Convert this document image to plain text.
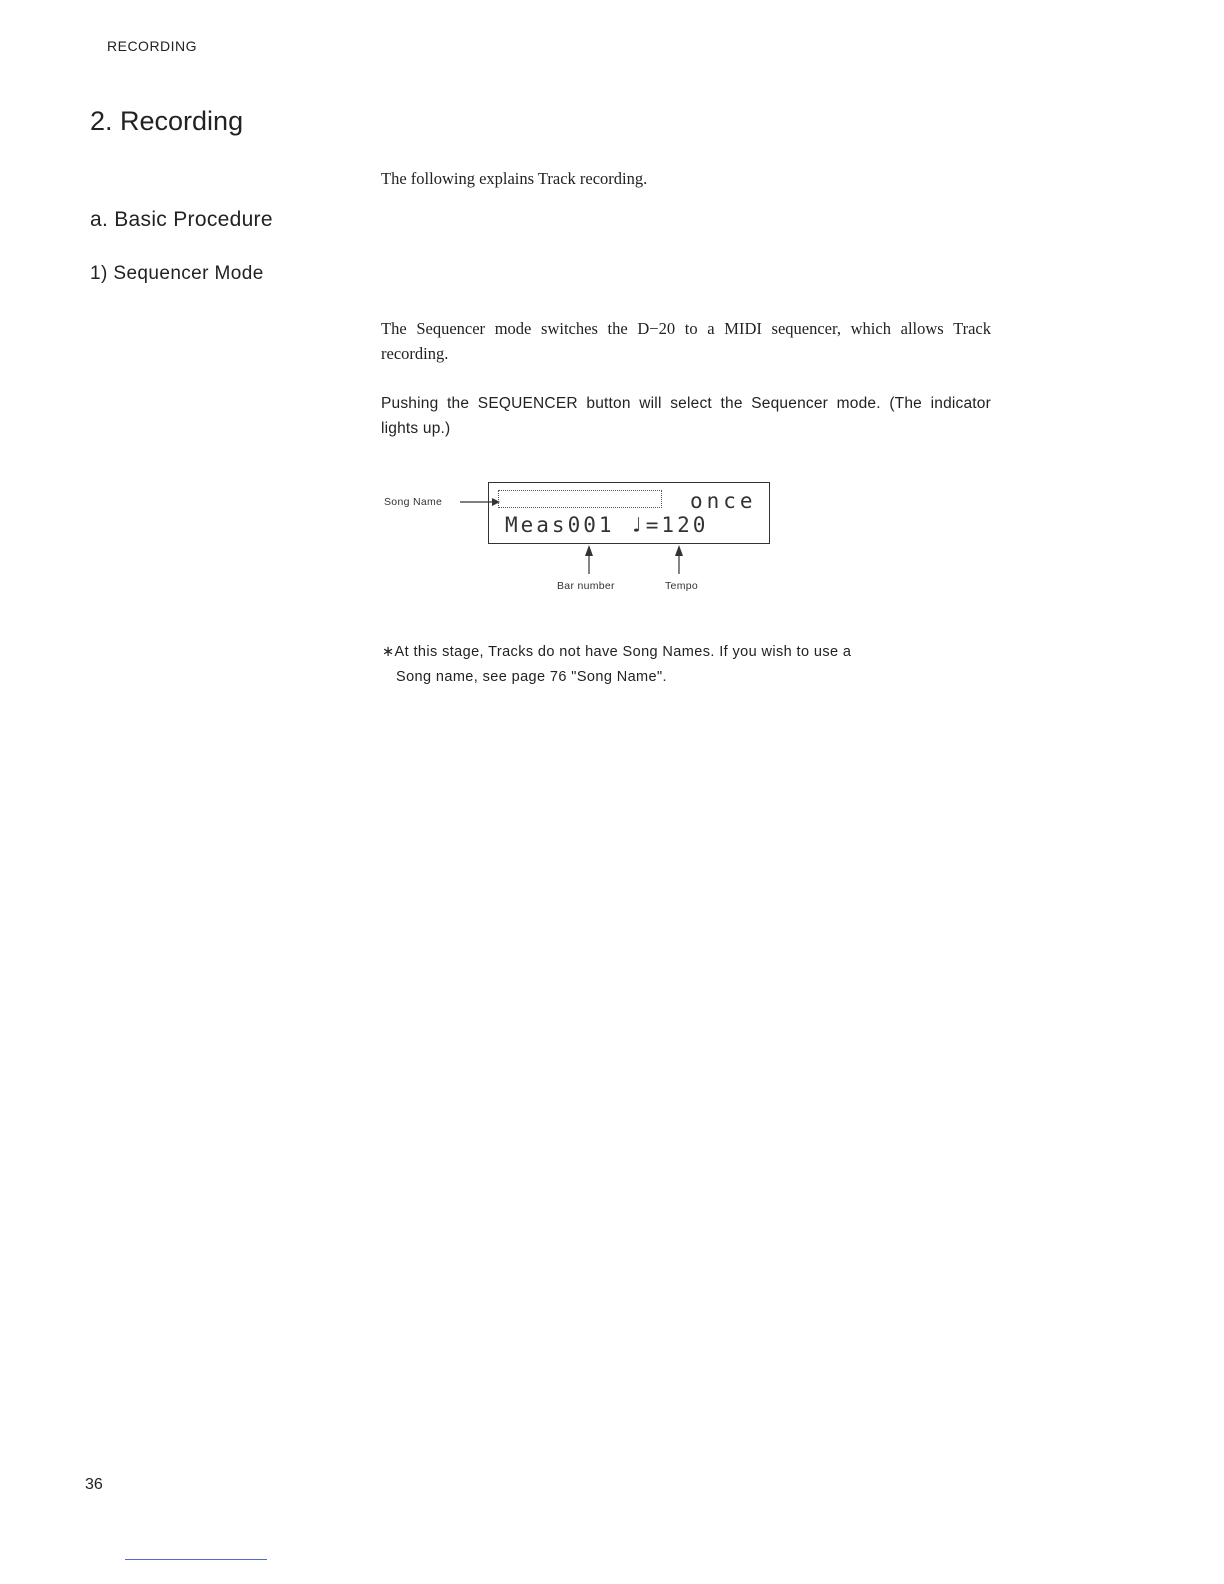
RECORDING
2. Recording

The following explains Track recording.

a. Basic Procedure
1) Sequencer Mode

The Sequencer mode switches the D−20 to a MIDI sequencer, which allows Track recording.

Pushing the SEQUENCER button will select the Sequencer mode. (The indicator lights up.)

Song Name	once
Meas001 ♩=120
Bar number	Tempo

∗At this stage, Tracks do not have Song Names. If you wish to use a
Song name, see page 76 "Song Name".

36
